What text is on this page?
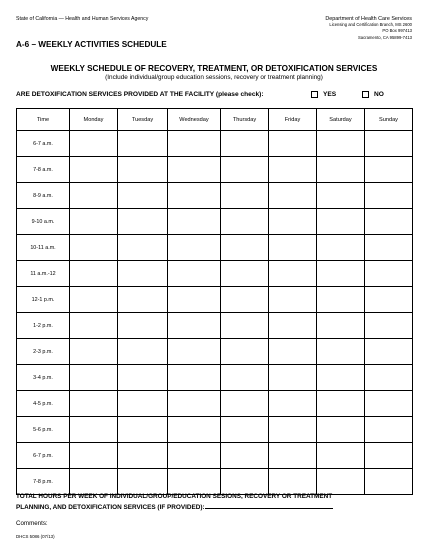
State of California — Health and Human Services Agency	Department of Health Care Services
Licensing and Certification Branch, MS 2600
PO Box 997413
Sacramento, CA 95899-7413
A-6 – WEEKLY ACTIVITIES SCHEDULE
WEEKLY SCHEDULE OF RECOVERY, TREATMENT, OR DETOXIFICATION SERVICES
(Include individual/group education sessions, recovery or treatment planning)
ARE DETOXIFICATION SERVICES PROVIDED AT THE FACILITY (please check):	YES	NO
Time	Monday	Tuesday	Wednesday	Thursday	Friday	Saturday	Sunday
6-7 a.m.							
7-8 a.m.							
8-9 a.m.							
9-10 a.m.							
10-11 a.m.							
11 a.m.-12							
12-1 p.m.							
1-2 p.m.							
2-3 p.m.							
3-4 p.m.							
4-5 p.m.							
5-6 p.m.							
6-7 p.m.							
7-8 p.m.							
TOTAL HOURS PER WEEK OF INDIVIDUAL/GROUP/EDUCATION SESIONS, RECOVERY OR TREATMENT
PLANNING, AND DETOXIFICATION SERVICES (IF PROVIDED):
Comments:
DHCS 5086 (07/13)
